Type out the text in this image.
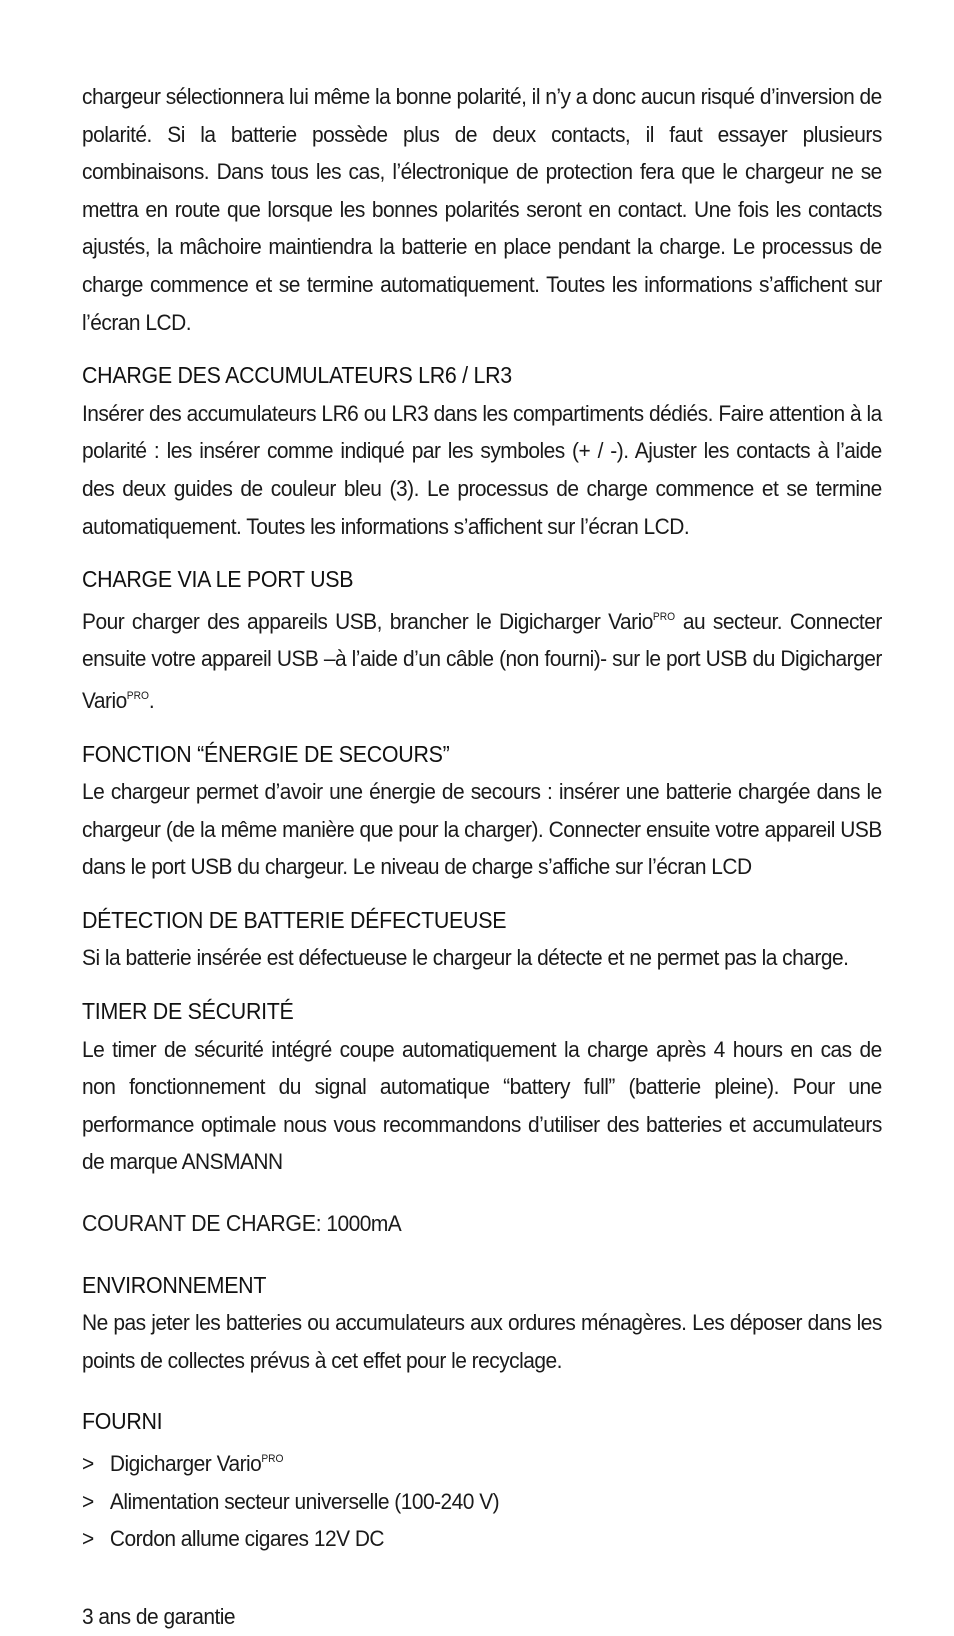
chargeur sélectionnera lui même la bonne polarité, il n’y a donc aucun risqué d’inversion de polarité. Si la batterie possède plus de deux contacts, il faut essayer plusieurs combinaisons. Dans tous les cas, l’électronique de protection fera que le chargeur ne se mettra en route que lorsque les bonnes polarités seront en contact. Une fois les contacts ajustés, la mâchoire maintiendra la batterie en place pendant la charge. Le processus de charge commence et se termine automatiquement. Toutes les informations s’affichent sur l’écran LCD.

CHARGE DES ACCUMULATEURS LR6 / LR3

Insérer des accumulateurs LR6 ou LR3 dans les compartiments dédiés. Faire attention à la polarité : les insérer comme indiqué par les symboles (+ / -). Ajuster les contacts à l’aide des deux guides de couleur bleu (3). Le processus de charge commence et se termine automatiquement. Toutes les informations s’affichent sur l’écran LCD.

CHARGE VIA LE PORT USB

Pour charger des appareils USB, brancher le Digicharger Vario$^{PRO}$ au secteur. Connecter ensuite votre appareil USB –à l’aide d’un câble (non fourni)- sur le port USB du Digicharger Vario$^{PRO}$.

FONCTION “ÉNERGIE DE SECOURS”

Le chargeur permet d’avoir une énergie de secours : insérer une batterie chargée dans le chargeur (de la même manière que pour la charger). Connecter ensuite votre appareil USB dans le port USB du chargeur. Le niveau de charge s’affiche sur l’écran LCD

DÉTECTION DE BATTERIE DÉFECTUEUSE

Si la batterie insérée est défectueuse le chargeur la détecte et ne permet pas la charge.

TIMER DE SÉCURITÉ

Le timer de sécurité intégré coupe automatiquement la charge après 4 hours en cas de non fonctionnement du signal automatique “battery full” (batterie pleine). Pour une performance optimale nous vous recommandons d’utiliser des batteries et accumulateurs de marque ANSMANN

COURANT DE CHARGE: 1000mA

ENVIRONNEMENT

Ne pas jeter les batteries ou accumulateurs aux ordures ménagères. Les déposer dans les points de collectes prévus à cet effet pour le recyclage.

FOURNI
> Digicharger Vario$^{PRO}$
> Alimentation secteur universelle (100-240 V)
> Cordon allume cigares 12V DC

3 ans de garantie
